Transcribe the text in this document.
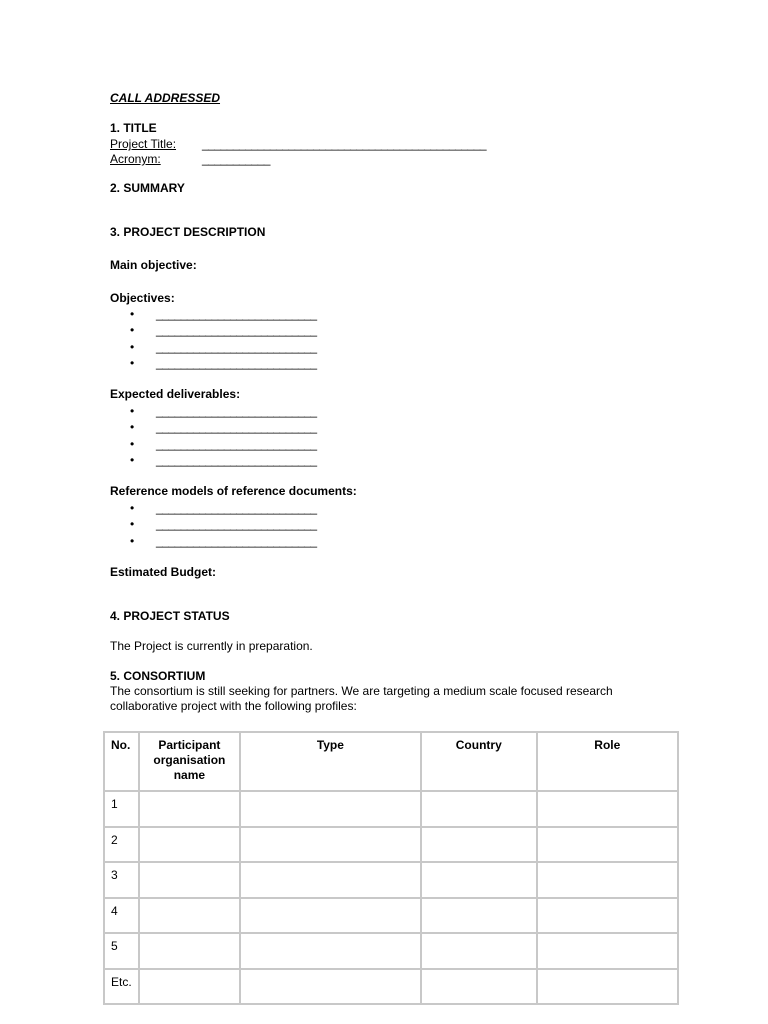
CALL ADDRESSED
1. TITLE
Project Title:	______________________________________________
Acronym:	___________
2. SUMMARY
3. PROJECT DESCRIPTION
Main objective:
Objectives:
• __________________________
• __________________________
• __________________________
• __________________________
Expected deliverables:
• __________________________
• __________________________
• __________________________
• __________________________
Reference models of reference documents:
• __________________________
• __________________________
• __________________________
Estimated Budget:
4. PROJECT STATUS
The Project is currently in preparation.
5. CONSORTIUM
The consortium is still seeking for partners. We are targeting a medium scale focused research
collaborative project with the following profiles:
No.	Participant organisation name	Type	Country	Role
1				
2				
3				
4				
5				
Etc.				
